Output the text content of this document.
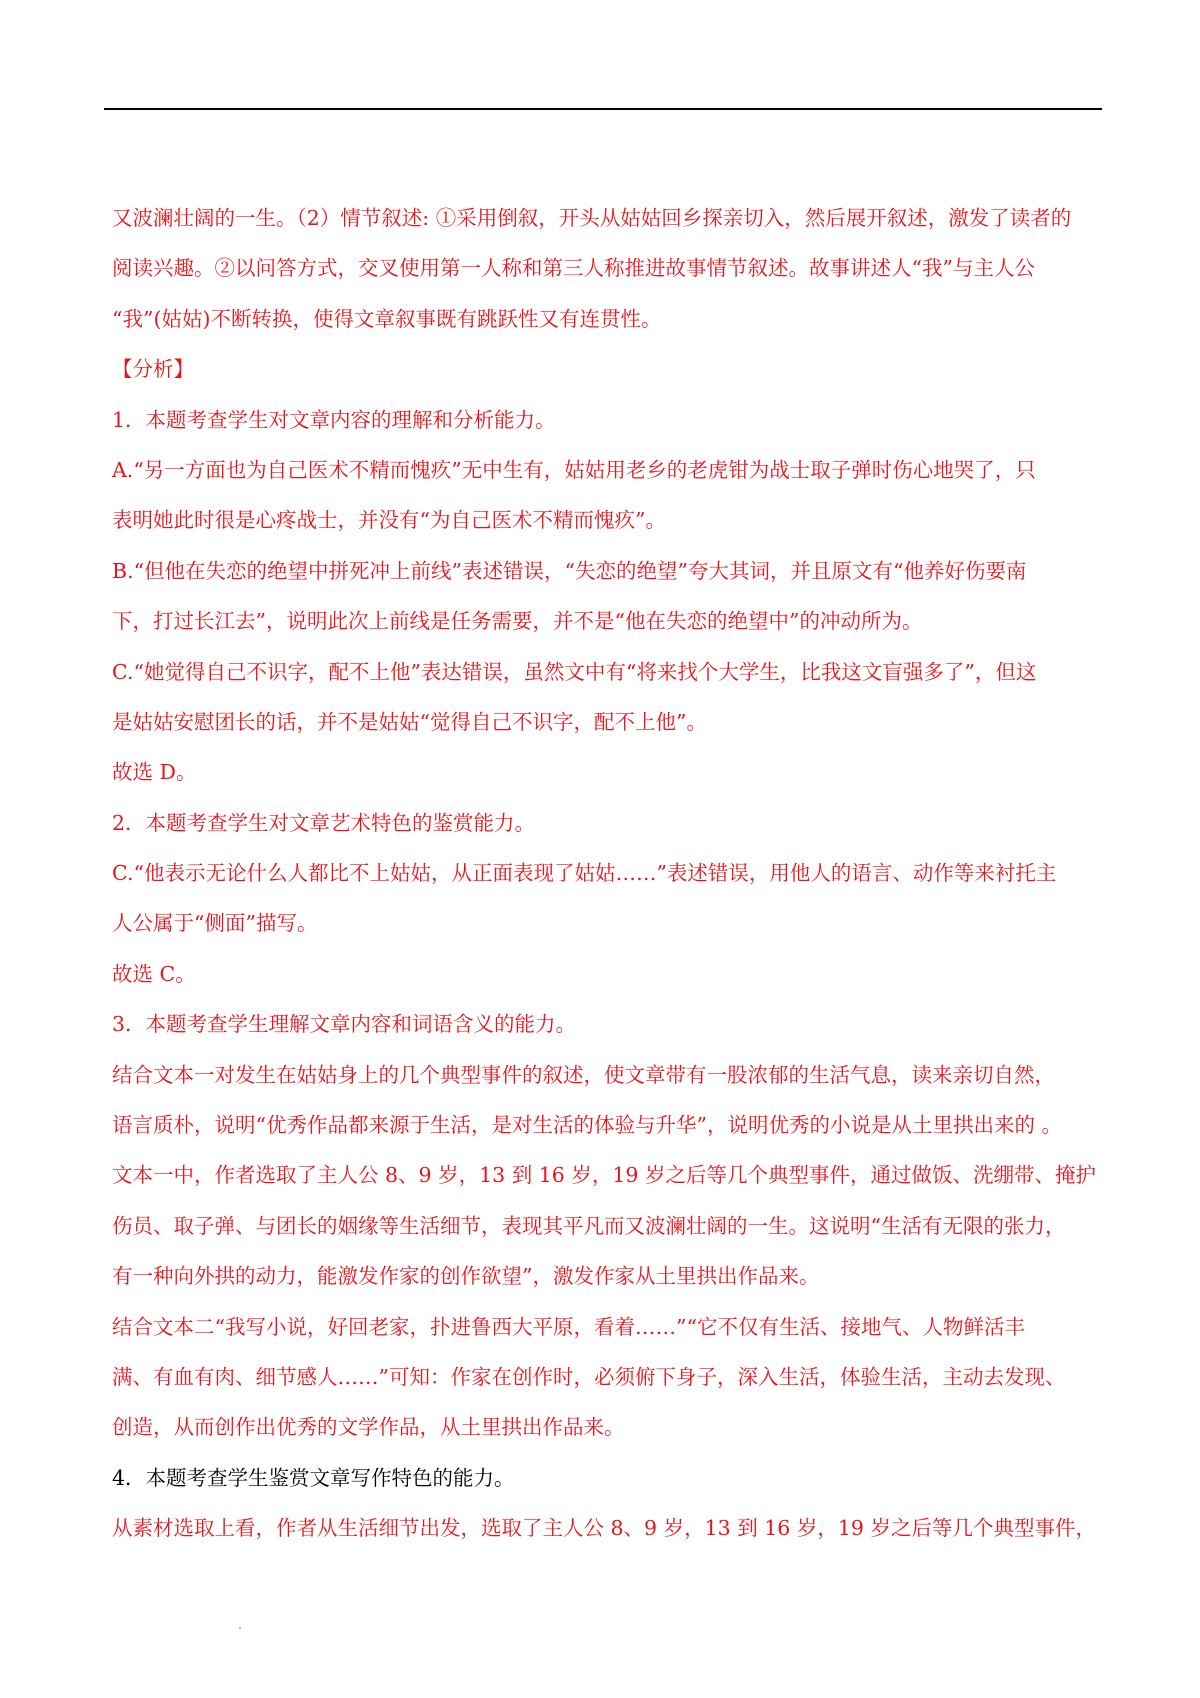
又波澜壮阔的一生。（2）情节叙述: ①采用倒叙，开头从姑姑回乡探亲切入，然后展开叙述，激发了读者的
阅读兴趣。②以问答方式，交叉使用第一人称和第三人称推进故事情节叙述。故事讲述人“我”与主人公
“我”(姑姑)不断转换，使得文章叙事既有跳跃性又有连贯性。
【分析】
1．本题考查学生对文章内容的理解和分析能力。
A.“另一方面也为自己医术不精而愧疚”无中生有，姑姑用老乡的老虎钳为战士取子弹时伤心地哭了，只
表明她此时很是心疼战士，并没有“为自己医术不精而愧疚”。
B.“但他在失恋的绝望中拼死冲上前线”表述错误，“失恋的绝望”夸大其词，并且原文有“他养好伤要南
下，打过长江去”，说明此次上前线是任务需要，并不是“他在失恋的绝望中”的冲动所为。
C.“她觉得自己不识字，配不上他”表达错误，虽然文中有“将来找个大学生，比我这文盲强多了”，但这
是姑姑安慰团长的话，并不是姑姑“觉得自己不识字，配不上他”。
故选 D。
2．本题考查学生对文章艺术特色的鉴赏能力。
C.“他表示无论什么人都比不上姑姑，从正面表现了姑姑……”表述错误，用他人的语言、动作等来衬托主
人公属于“侧面”描写。
故选 C。
3．本题考查学生理解文章内容和词语含义的能力。
结合文本一对发生在姑姑身上的几个典型事件的叙述，使文章带有一股浓郁的生活气息，读来亲切自然，
语言质朴，说明“优秀作品都来源于生活，是对生活的体验与升华”，说明优秀的小说是从土里拱出来的 。
文本一中，作者选取了主人公 8、9 岁，13 到 16 岁，19 岁之后等几个典型事件，通过做饭、洗绷带、掩护
伤员、取子弹、与团长的姻缘等生活细节，表现其平凡而又波澜壮阔的一生。这说明“生活有无限的张力，
有一种向外拱的动力，能激发作家的创作欲望”，激发作家从土里拱出作品来。
结合文本二“我写小说，好回老家，扑进鲁西大平原，看着……”“它不仅有生活、接地气、人物鲜活丰
满、有血有肉、细节感人……”可知：作家在创作时，必须俯下身子，深入生活，体验生活，主动去发现、
创造，从而创作出优秀的文学作品，从土里拱出作品来。
4．本题考查学生鉴赏文章写作特色的能力。
从素材选取上看，作者从生活细节出发，选取了主人公 8、9 岁，13 到 16 岁，19 岁之后等几个典型事件，
